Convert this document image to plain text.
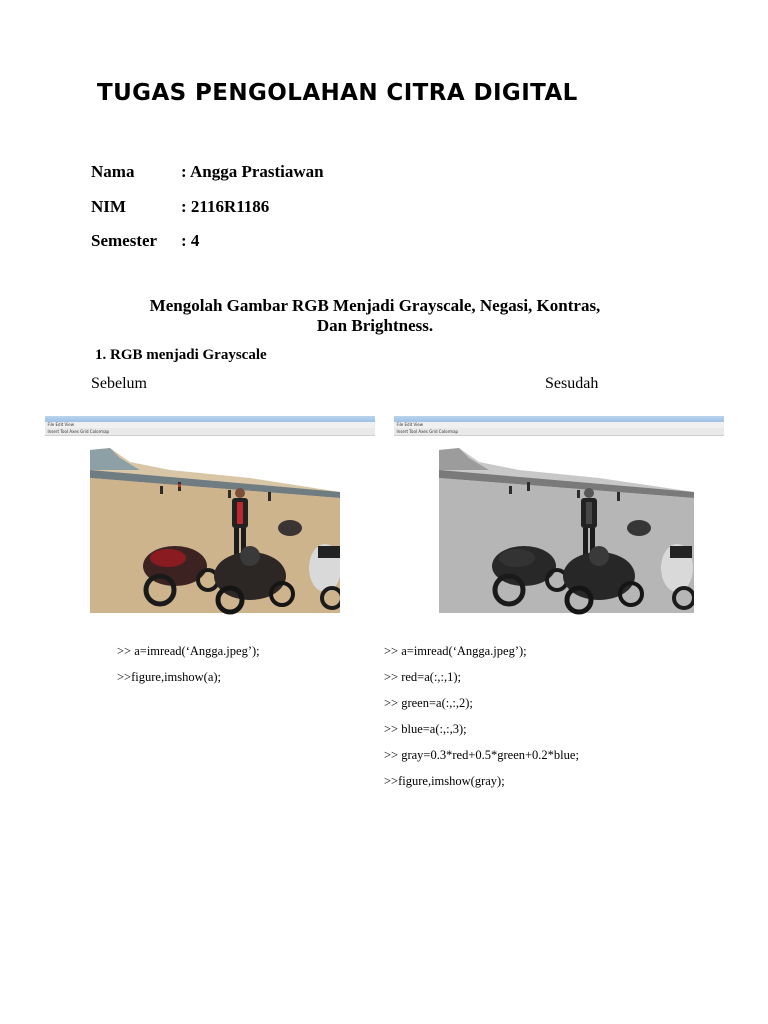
TUGAS PENGOLAHAN CITRA DIGITAL
Nama	: Angga Prastiawan
NIM	: 2116R1186
Semester : 4
Mengolah Gambar RGB Menjadi Grayscale, Negasi, Kontras,
Dan Brightness.
1. RGB menjadi Grayscale
Sebelum	Sesudah
File Edit View
Insert Tool Axes Grid Colormap
File Edit View
Insert Tool Axes Grid Colormap
>> a=imread(‘Angga.jpeg’);
>>figure,imshow(a);
>> a=imread(‘Angga.jpeg’);
>> red=a(:,:,1);
>> green=a(:,:,2);
>> blue=a(:,:,3);
>> gray=0.3*red+0.5*green+0.2*blue;
>>figure,imshow(gray);
